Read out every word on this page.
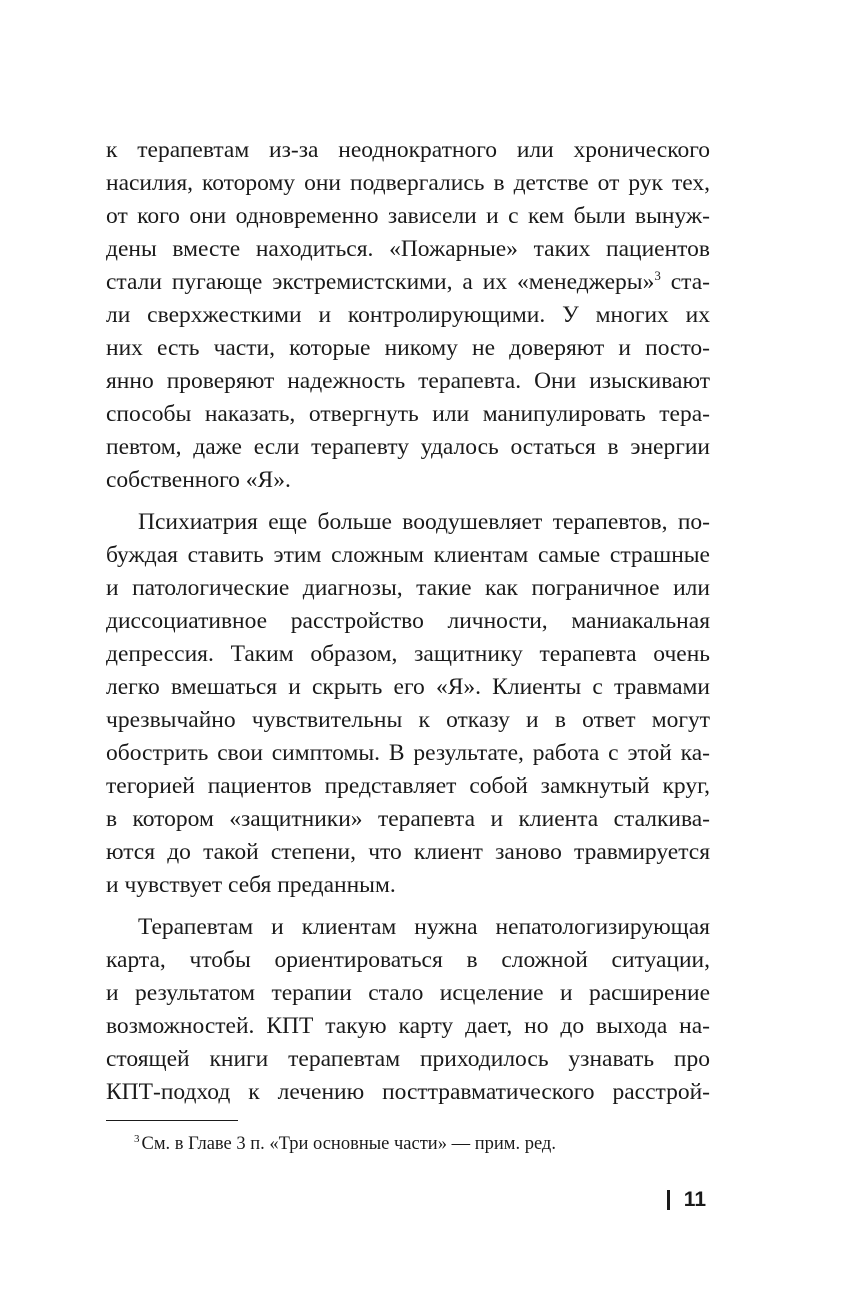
к терапевтам из-за неоднократного или хронического
насилия, которому они подвергались в детстве от рук тех,
от кого они одновременно зависели и с кем были вынуж-
дены вместе находиться. «Пожарные» таких пациентов
стали пугающе экстремистскими, а их «менеджеры»$^3$ ста-
ли сверхжесткими и контролирующими. У многих их
них есть части, которые никому не доверяют и посто-
янно проверяют надежность терапевта. Они изыскивают
способы наказать, отвергнуть или манипулировать тера-
певтом, даже если терапевту удалось остаться в энергии
собственного «Я».
Психиатрия еще больше воодушевляет терапевтов, по-
буждая ставить этим сложным клиентам самые страшные
и патологические диагнозы, такие как пограничное или
диссоциативное расстройство личности, маниакальная
депрессия. Таким образом, защитнику терапевта очень
легко вмешаться и скрыть его «Я». Клиенты с травмами
чрезвычайно чувствительны к отказу и в ответ могут
обострить свои симптомы. В результате, работа с этой ка-
тегорией пациентов представляет собой замкнутый круг,
в котором «защитники» терапевта и клиента сталкива-
ются до такой степени, что клиент заново травмируется
и чувствует себя преданным.
Терапевтам и клиентам нужна непатологизирующая
карта, чтобы ориентироваться в сложной ситуации,
и результатом терапии стало исцеление и расширение
возможностей. КПТ такую карту дает, но до выхода на-
стоящей книги терапевтам приходилось узнавать про
КПТ-подход к лечению посттравматического расстрой-
$^3$ См. в Главе 3 п. «Три основные части» — прим. ред.
11
